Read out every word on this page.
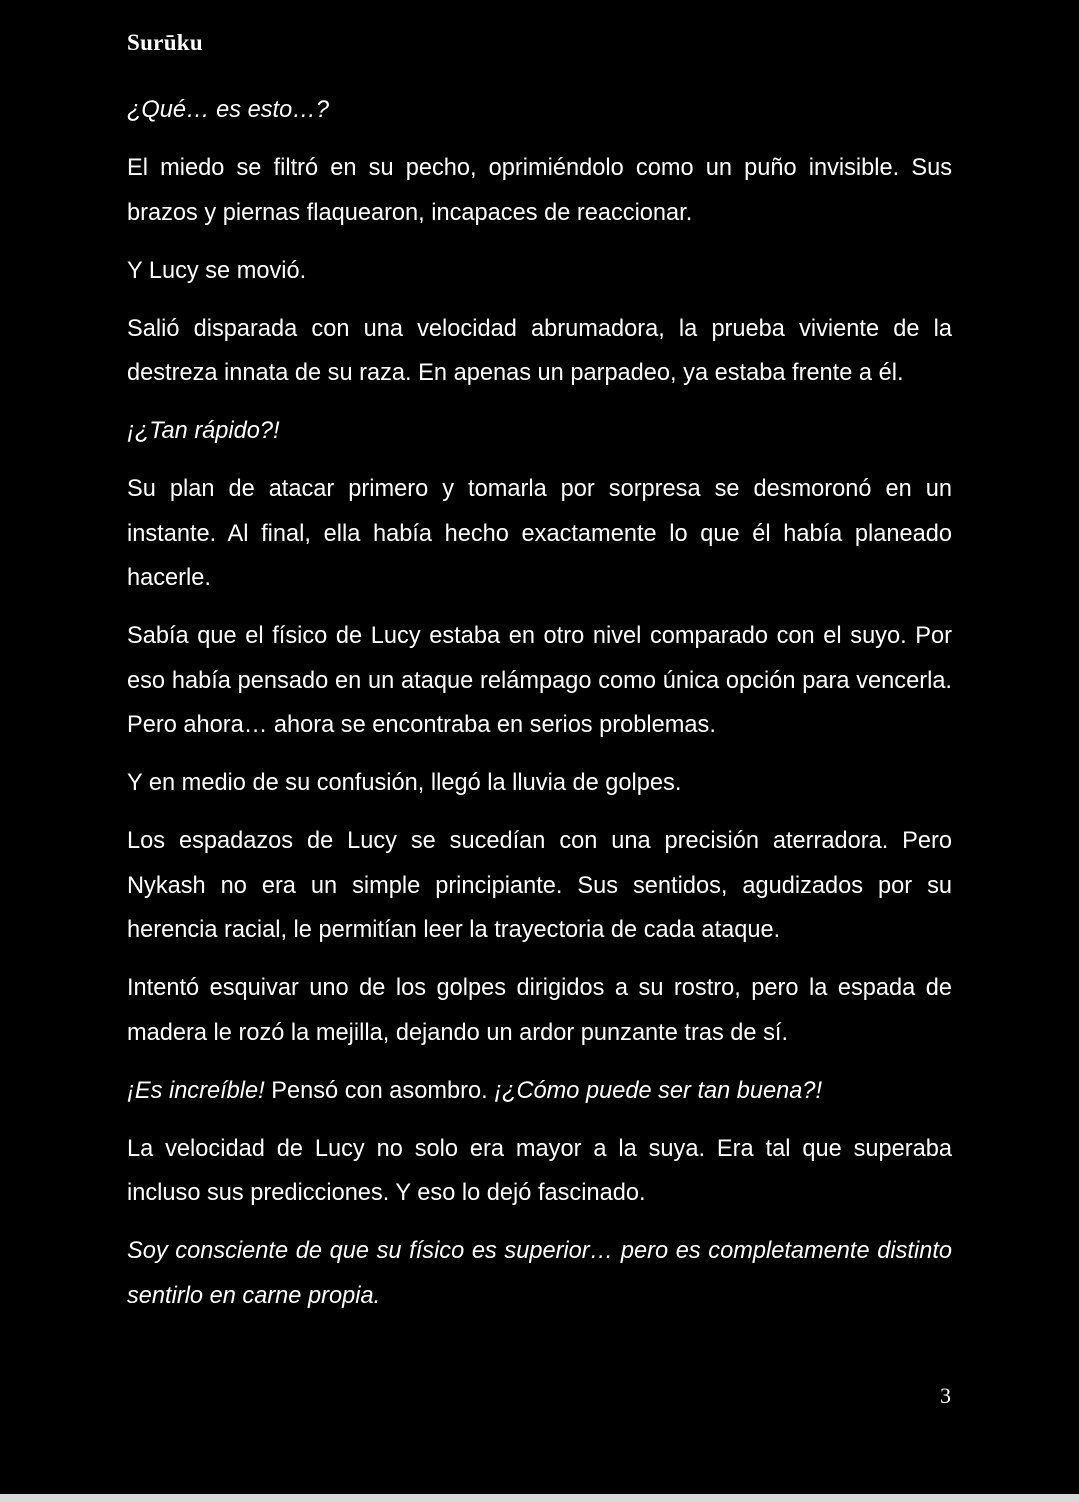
Surūku

¿Qué… es esto…?

El miedo se filtró en su pecho, oprimiéndolo como un puño invisible. Sus brazos y piernas flaquearon, incapaces de reaccionar.

Y Lucy se movió.

Salió disparada con una velocidad abrumadora, la prueba viviente de la destreza innata de su raza. En apenas un parpadeo, ya estaba frente a él.

¡¿Tan rápido?!

Su plan de atacar primero y tomarla por sorpresa se desmoronó en un instante. Al final, ella había hecho exactamente lo que él había planeado hacerle.

Sabía que el físico de Lucy estaba en otro nivel comparado con el suyo. Por eso había pensado en un ataque relámpago como única opción para vencerla. Pero ahora… ahora se encontraba en serios problemas.

Y en medio de su confusión, llegó la lluvia de golpes.

Los espadazos de Lucy se sucedían con una precisión aterradora. Pero Nykash no era un simple principiante. Sus sentidos, agudizados por su herencia racial, le permitían leer la trayectoria de cada ataque.

Intentó esquivar uno de los golpes dirigidos a su rostro, pero la espada de madera le rozó la mejilla, dejando un ardor punzante tras de sí.

¡Es increíble! Pensó con asombro. ¡¿Cómo puede ser tan buena?!

La velocidad de Lucy no solo era mayor a la suya. Era tal que superaba incluso sus predicciones. Y eso lo dejó fascinado.

Soy consciente de que su físico es superior… pero es completamente distinto sentirlo en carne propia.

3
